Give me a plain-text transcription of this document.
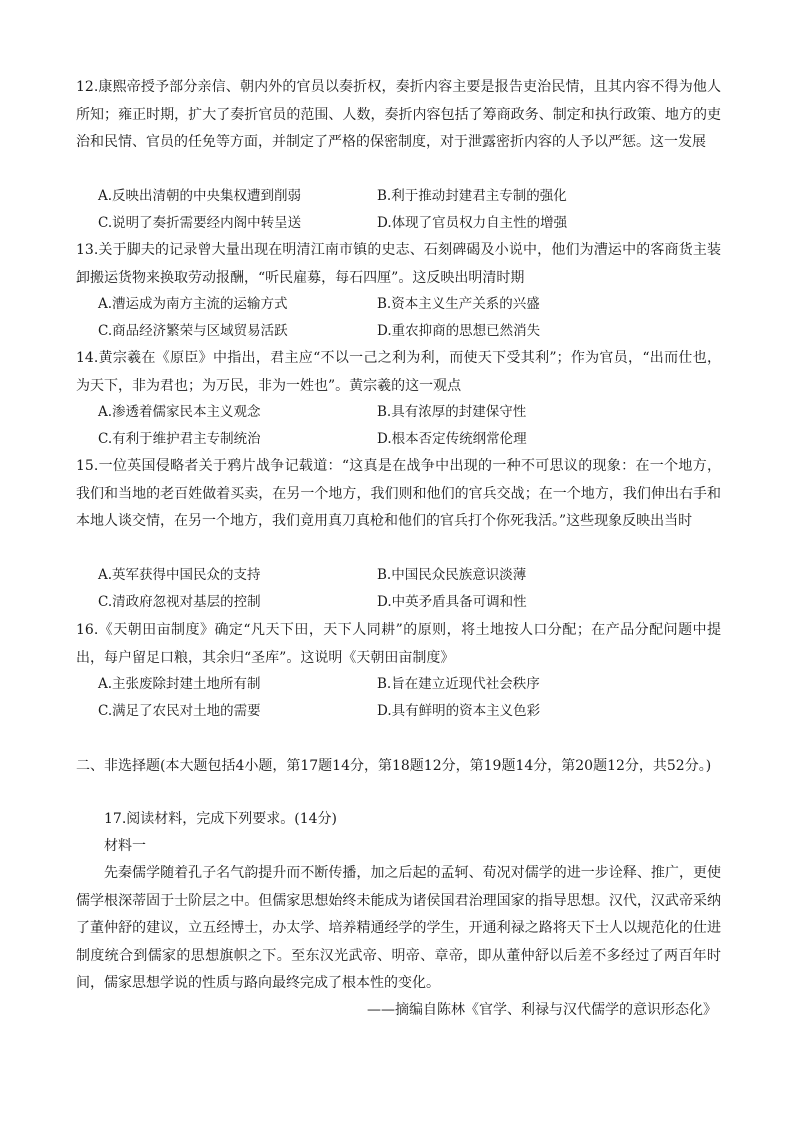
12.康熙帝授予部分亲信、朝内外的官员以奏折权，奏折内容主要是报告吏治民情，且其内容不得为他人所知；雍正时期，扩大了奏折官员的范围、人数，奏折内容包括了筹商政务、制定和执行政策、地方的吏治和民情、官员的任免等方面，并制定了严格的保密制度，对于泄露密折内容的人予以严惩。这一发展
A.反映出清朝的中央集权遭到削弱	B.利于推动封建君主专制的强化
C.说明了奏折需要经内阁中转呈送	D.体现了官员权力自主性的增强
13.关于脚夫的记录曾大量出现在明清江南市镇的史志、石刻碑碣及小说中，他们为漕运中的客商货主装卸搬运货物来换取劳动报酬，“听民雇募，每石四厘”。这反映出明清时期
A.漕运成为南方主流的运输方式	B.资本主义生产关系的兴盛
C.商品经济繁荣与区域贸易活跃	D.重农抑商的思想已然消失
14.黄宗羲在《原臣》中指出，君主应“不以一己之利为利，而使天下受其利”；作为官员，“出而仕也，为天下，非为君也；为万民，非为一姓也”。黄宗羲的这一观点
A.渗透着儒家民本主义观念	B.具有浓厚的封建保守性
C.有利于维护君主专制统治	D.根本否定传统纲常伦理
15.一位英国侵略者关于鸦片战争记载道：“这真是在战争中出现的一种不可思议的现象：在一个地方，我们和当地的老百姓做着买卖，在另一个地方，我们则和他们的官兵交战；在一个地方，我们伸出右手和本地人谈交情，在另一个地方，我们竟用真刀真枪和他们的官兵打个你死我活。”这些现象反映出当时
A.英军获得中国民众的支持	B.中国民众民族意识淡薄
C.清政府忽视对基层的控制	D.中英矛盾具备可调和性
16.《天朝田亩制度》确定“凡天下田，天下人同耕”的原则，将土地按人口分配；在产品分配问题中提出，每户留足口粮，其余归“圣库”。这说明《天朝田亩制度》
A.主张废除封建土地所有制	B.旨在建立近现代社会秩序
C.满足了农民对土地的需要	D.具有鲜明的资本主义色彩
二、非选择题(本大题包括4小题，第17题14分，第18题12分，第19题14分，第20题12分，共52分。)
17.阅读材料，完成下列要求。(14分)
材料一
先秦儒学随着孔子名气韵提升而不断传播，加之后起的孟轲、荀况对儒学的进一步诠释、推广，更使儒学根深蒂固于士阶层之中。但儒家思想始终未能成为诸侯国君治理国家的指导思想。汉代，汉武帝采纳了董仲舒的建议，立五经博士，办太学、培养精通经学的学生，开通利禄之路将天下士人以规范化的仕进制度统合到儒家的思想旗帜之下。至东汉光武帝、明帝、章帝，即从董仲舒以后差不多经过了两百年时间，儒家思想学说的性质与路向最终完成了根本性的变化。
——摘编自陈林《官学、利禄与汉代儒学的意识形态化》
